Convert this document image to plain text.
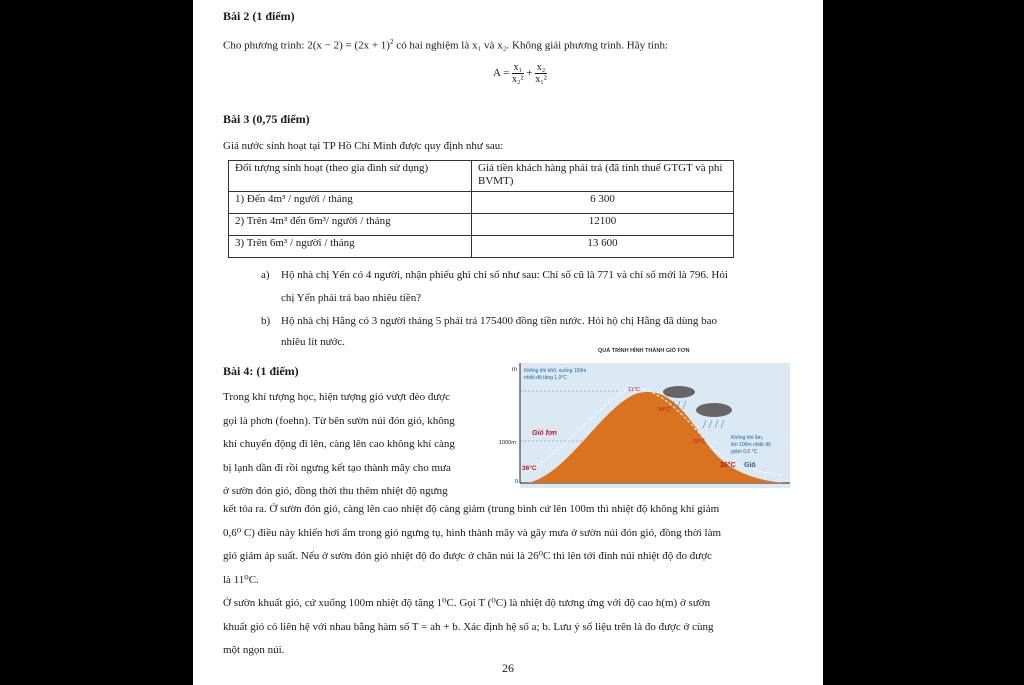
Bài 2 (1 điểm)
Cho phương trình: $2(x - 2) = (2x + 1)^2$ có hai nghiệm là x₁ và x₂. Không giải phương trình. Hãy tính:
$A = \frac{\text{x₁}}{\text{x₂²}} + \frac{\text{x₂}}{\text{x₁²}}$
Bài 3 (0,75 điểm)
Giá nước sinh hoạt tại TP Hồ Chí Minh được quy định như sau:
Đối tượng sinh hoạt (theo gia đình sử dụng)	Giá tiền khách hàng phải trả (đã tính thuế GTGT và phí BVMT)
1) Đến 4m³ / người / tháng	6 300
2) Trên 4m³ đến 6m³/ người / tháng	12100
3) Trên 6m³ / người / tháng	13 600
a) Hộ nhà chị Yến có 4 người, nhận phiếu ghi chỉ số như sau: Chỉ số cũ là 771 và chỉ số mới là 796. Hỏi
chị Yến phải trả bao nhiêu tiền?
b) Hộ nhà chị Hằng có 3 người tháng 5 phải trả 175400 đồng tiền nước. Hỏi hộ chị Hằng đã dùng bao
nhiêu lít nước.
Bài 4: (1 điểm)
Trong khí tượng học, hiện tượng gió vượt đèo được
gọi là phơn (foehn). Từ bên sườn núi đón gió, không
khí chuyển động đi lên, càng lên cao không khí càng
bị lạnh dần đi rồi ngưng kết tạo thành mây cho mưa
ở sườn đón gió, đồng thời thu thêm nhiệt độ ngưng
kết tỏa ra. Ở sườn đón gió, càng lên cao nhiệt độ càng giảm (trung bình cứ lên 100m thì nhiệt độ không khí giảm
0,6⁰ C) điều này khiến hơi ẩm trong gió ngưng tụ, hình thành mây và gây mưa ở sườn núi đón gió, đồng thời làm
gió giảm áp suất. Nếu ở sườn đón gió nhiệt độ đo được ở chân núi là 26⁰C thì lên tới đỉnh núi nhiệt độ đo được
là 11⁰C.
Ở sườn khuất gió, cứ xuống 100m nhiệt độ tăng 1⁰C. Gọi T (⁰C) là nhiệt độ tương ứng với độ cao h(m) ở sườn
khuất gió có liên hệ với nhau bằng hàm số T = ah + b. Xác định hệ số a; b. Lưu ý số liệu trên là đo được ở cùng
một ngọn núi.
QUÁ TRÌNH HÌNH THÀNH GIÓ FƠN
m
1000m
0
Không khí khô, xuống 100m
nhiệt độ tăng 1,0°C
11°C
14°C
20°C
26°C Gió
36°C
Gió fơn
Không khí ẩm,
lên 100m nhiệt độ
giảm 0,6 °C
26
